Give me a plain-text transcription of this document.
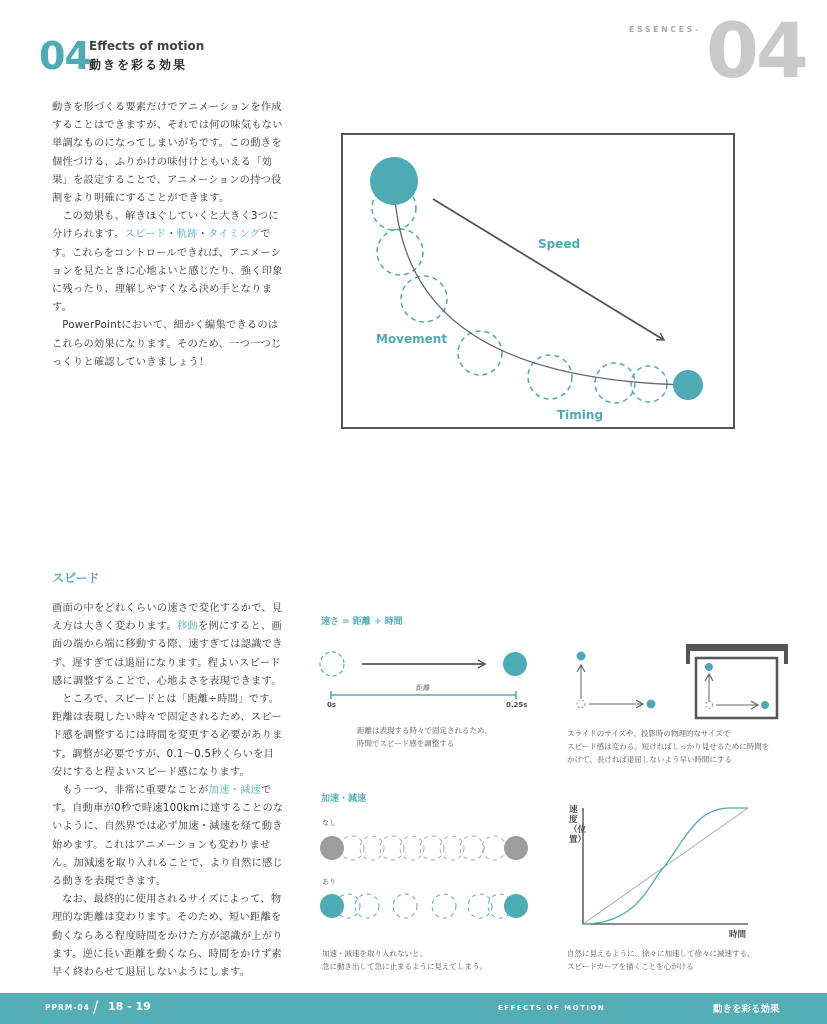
04 Effects of motion
動きを彩る効果
ESSENCES- 04

動きを形づくる要素だけでアニメーションを作成することはできますが、それでは何の味気もない単調なものになってしまいがちです。この動きを個性づける、ふりかけの味付けともいえる「効果」を設定することで、アニメーションの持つ役割をより明確にすることができます。

この効果も、解きほぐしていくと大きく3つに分けられます。スピード・軌跡・タイミングです。これらをコントロールできれば、アニメーションを見たときに心地よいと感じたり、強く印象に残ったり、理解しやすくなる決め手となります。

PowerPointにおいて、細かく編集できるのはこれらの効果になります。そのため、一つ一つじっくりと確認していきましょう！

Speed
Movement
Timing
スピード

画面の中をどれくらいの速さで変化するかで、見え方は大きく変わります。移動を例にすると、画面の端から端に移動する際、速すぎては認識できず、遅すぎては退屈になります。程よいスピード感に調整することで、心地よさを表現できます。

ところで、スピードとは「距離÷時間」です。距離は表現したい時々で固定されるため、スピード感を調整するには時間を変更する必要があります。調整が必要ですが、0.1〜0.5秒くらいを目安にすると程よいスピード感になります。

もう一つ、非常に重要なことが加速・減速です。自動車が0秒で時速100kmに達することのないように、自然界では必ず加速・減速を経て動き始めます。これはアニメーションも変わりません。加減速を取り入れることで、より自然に感じる動きを表現できます。

なお、最終的に使用されるサイズによって、物理的な距離は変わります。そのため、短い距離を動くならある程度時間をかけた方が認識が上がります。逆に長い距離を動くなら、時間をかけず素早く終わらせて退屈しないようにします。

速さ = 距離 ÷ 時間
距離
0s	0.25s
距離は表現する時々で固定されるため、
時間でスピード感を調整する
スライドのサイズや、投影時の物理的なサイズで
スピード感は変わる。短ければしっかり見せるために時間を
かけて、長ければ退屈しないよう早い時間にする
加速・減速
なし
あり
加速・減速を取り入れないと、
急に動き出して急に止まるように見えてしまう。
速度（位置）
時間
自然に見えるように、徐々に加速して徐々に減速する、
スピードカーブを描くことを心がける
PPRM-04 / 18 - 19	EFFECTS OF MOTION	動きを彩る効果
